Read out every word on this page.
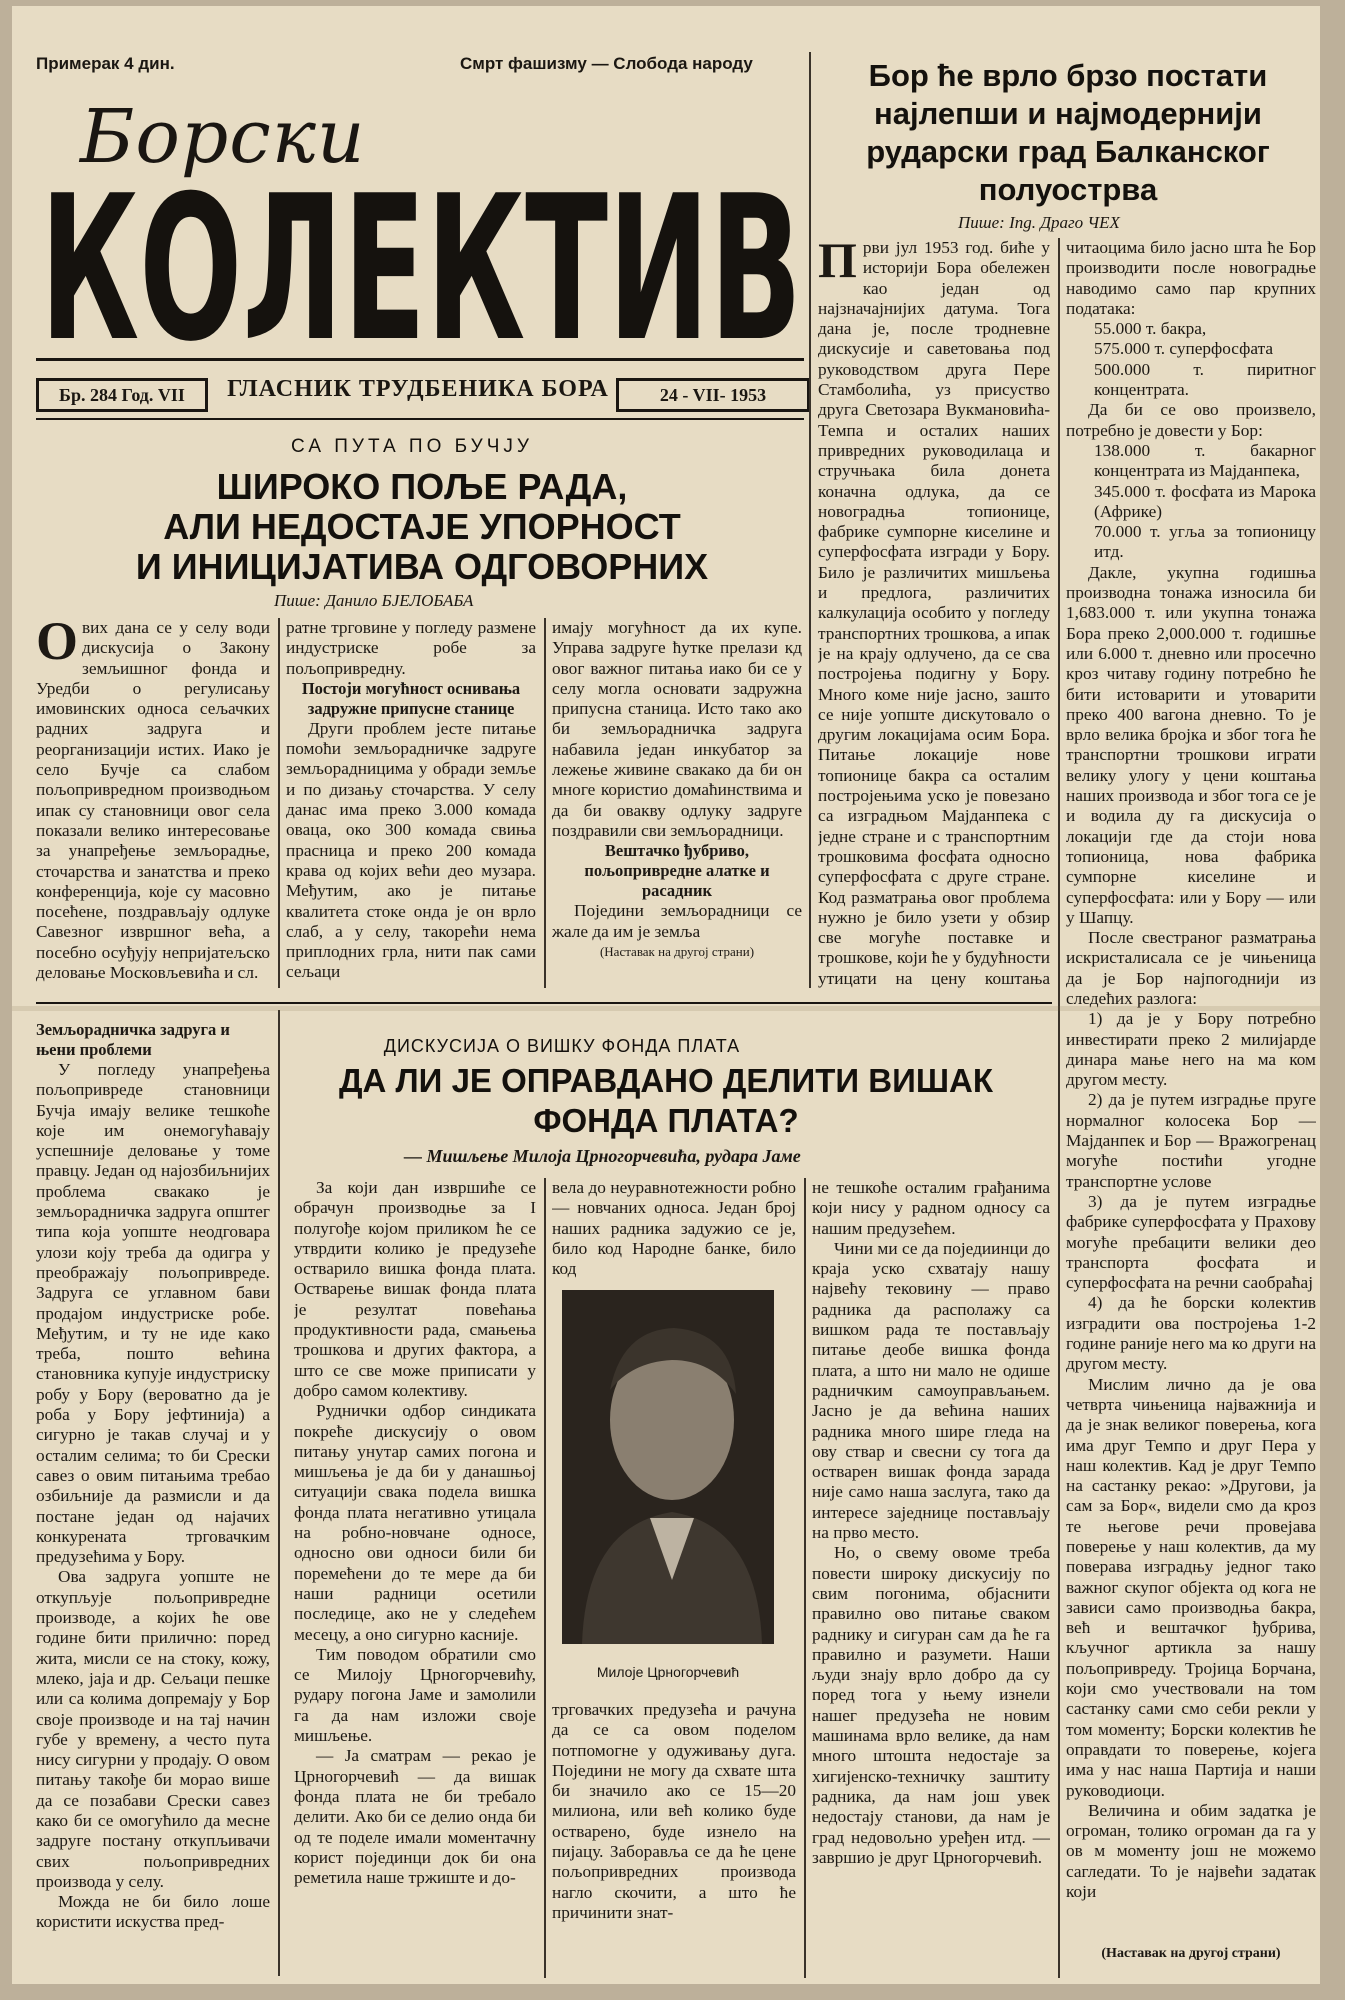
Примерак 4 дин.	Смрт фашизму — Слобода народу
Борски
КОЛЕКТИВ
Бр. 284 Год. VII	ГЛАСНИК ТРУДБЕНИКА БОРА	24 - VII- 1953
СА ПУТА ПО БУЧЈУ
ШИРОКО ПОЉЕ РАДА,
АЛИ НЕДОСТАЈЕ УПОРНОСТ
И ИНИЦИЈАТИВА ОДГОВОРНИХ
Пише: Данило БЈЕЛОБАБА

Ових дана се у селу води дискусија о Закону земљишног фонда и Уредби о регулисању имовинских односа сељачких радних задруга и реорганизацији истих. Иако је село Бучје са слабом пољопривредном производњом ипак су становници овог села показали велико интересовање за унапређење земљорадње, сточарства и занатства и преко конференција, које су масовно посећене, поздрављају одлуке Савезног извршног већа, а посебно осуђују непријатељско деловање Московљевића и сл.

ратне трговине у погледу размене индустриске робе за пољопривредну.

Постоји могућност оснивања задружне припусне станице

Други проблем јесте питање помоћи земљорадничке задруге земљорадницима у обради земље и по дизању сточарства. У селу данас има преко 3.000 комада оваца, око 300 комада свиња прасница и преко 200 комада крава од којих већи део музара. Међутим, ако је питање квалитета стоке онда је он врло слаб, а у селу, такорећи нема приплодних грла, нити пак сами сељаци

имају могућност да их купе. Управа задруге ћутке прелази кд овог важног питања иако би се у селу могла основати задружна припусна станица. Исто тако ако би земљорадничка задруга набавила један инкубатор за лежење живине свакако да би он многе користио домаћинствима и да би овакву одлуку задруге поздравили сви земљорадници.

Вештачко ђубриво, пољопривредне алатке и расадник

Поједини земљорадници се жале да им је земља

(Наставак на другој страни)

Бор ће врло брзо постати
најлепши и најмодернији
рударски град Балканског
полуострва
Пише: Ing. Драго ЧЕХ

Први јул 1953 год. биће у историји Бора обележен као један од најзначајнијих датума. Тога дана је, после тродневне дискусије и саветовања под руководством друга Пере Стамболића, уз присуство друга Светозара Вукмановића-Темпа и осталих наших привредних руководилаца и стручњака била донета коначна одлука, да се новоградња топионице, фабрике сумпорне киселине и суперфосфата изгради у Бору. Било је различитих мишљења и предлога, различитих калкулација особито у погледу транспортних трошкова, а ипак је на крају одлучено, да се сва постројења подигну у Бору. Много коме није јасно, зашто се није уопште дискутовало о другим локацијама осим Бора. Питање локације нове топионице бакра са осталим постројењима уско је повезано са изградњом Мајданпека с једне стране и с транспортним трошковима фосфата односно суперфосфата с друге стране. Код разматрања овог проблема нужно је било узети у обзир све могуће поставке и трошкове, који ће у будућности утицати на цену коштања

читаоцима било јасно шта ће Бор производити после новоградње наводимо само пар крупних података:

55.000 т. бакра,

575.000 т. суперфосфата

500.000 т. пиритног концентрата.

Да би се ово произвело, потребно је довести у Бор:

138.000 т. бакарног концентрата из Мајданпека,

345.000 т. фосфата из Марока (Африке)

70.000 т. угља за топионицу итд.

Дакле, укупна годишња производна тонажа износила би 1,683.000 т. или укупна тонажа Бора преко 2,000.000 т. годишње или 6.000 т. дневно или просечно кроз читаву годину потребно ће бити истоварити и утоварити преко 400 вагона дневно. То је врло велика бројка и због тога ће транспортни трошкови играти велику улогу у цени коштања наших производа и због тога се је и водила ду га дискусија о локацији где да стоји нова топионица, нова фабрика сумпорне киселине и суперфосфата: или у Бору — или у Шапцу.

После свестраног разматрања искристалисала се је чињеница да је Бор најпогоднији из следећих разлога:

1) да је у Бору потребно инвестирати преко 2 милијарде динара мање него на ма ком другом месту.

2) да је путем изградње пруге нормалног колосека Бор — Мајданпек и Бор — Вражогренац могуће постићи угодне транспортне услове

3) да је путем изградње фабрике суперфосфата у Прахову могуће пребацити велики део транспорта фосфата и суперфосфата на речни саобраћај

4) да ће борски колектив изградити ова постројења 1-2 године раније него ма ко други на другом месту.

Мислим лично да је ова четврта чињеница најважнија и да је знак великог поверења, кога има друг Темпо и друг Пера у наш колектив. Кад је друг Темпо на састанку рекао: »Другови, ја сам за Бор«, видели смо да кроз те његове речи провејава поверење у наш колектив, да му поверава изградњу једног тако важног скупог објекта од кога не зависи само производња бакра, већ и вештачког ђубрива, кључног артикла за нашу пољопривреду. Тројица Борчана, који смо учествовали на том састанку сами смо себи рекли у том моменту; Борски колектив ће оправдати то поверење, којега има у нас наша Партија и наши руководиоци.

Величина и обим задатка је огроман, толико огроман да га у ов м моменту још не можемо сагледати. То је највећи задатак који

(Наставак на другој страни)

Земљорадничка задруга и њени проблеми

У погледу унапређења пољопривреде становници Бучја имају велике тешкоће које им онемогућавају успешније деловање у томе правцу. Један од најозбиљнијих проблема свакако је земљорадничка задруга општег типа која уопште неодговара улози коју треба да одигра у преображају пољопривреде. Задруга се углавном бави продајом индустриске робе. Међутим, и ту не иде како треба, пошто већина становника купује индустриску робу у Бору (вероватно да је роба у Бору јефтинија) а сигурно је такав случај и у осталим селима; то би Срески савез о овим питањима требао озбиљније да размисли и да постане један од најачих конкурената трговачким предузећима у Бору.

Ова задруга уопште не откупљује пољопривредне производе, а којих ће ове године бити прилично: поред жита, мисли се на стоку, кожу, млеко, јаја и др. Сељаци пешке или са колима допремају у Бор своје производе и на тај начин губе у времену, а често пута нису сигурни у продају. О овом питању такође би морао више да се позабави Срески савез како би се омогућило да месне задруге постану откупљивачи свих пољопривредних производа у селу.

Можда не би било лоше користити искуства пред-

ДИСКУСИЈА О ВИШКУ ФОНДА ПЛАТА
ДА ЛИ ЈЕ ОПРАВДАНО ДЕЛИТИ ВИШАК
ФОНДА ПЛАТА?
— Мишљење Милоја Црногорчевића, рудара Јаме

За који дан извршиће се обрачун производње за I полугође којом приликом ће се утврдити колико је предузеће остварило вишка фонда плата. Остварење вишак фонда плата је резултат повећања продуктивности рада, смањења трошкова и других фактора, а што се све може приписати у добро самом колективу.

Руднички одбор синдиката покреће дискусију о овом питању унутар самих погона и мишљења је да би у данашњој ситуацији свака подела вишка фонда плата негативно утицала на робно-новчане односе, односно ови односи били би поремећени до те мере да би наши радници осетили последице, ако не у следећем месецу, а оно сигурно касније.

Тим поводом обратили смо се Милоју Црногорчевићу, рудару погона Јаме и замолили га да нам изложи своје мишљење.

— Ја сматрам — рекао је Црногорчевић — да вишак фонда плата не би требало делити. Ако би се делио онда би од те поделе имали моментачну корист појединци док би она реметила наше тржиште и до-

вела до неуравнотежности робно — новчаних односа. Један број наших радника задужио се је, било код Народне банке, било код

Милоје Црногорчевић

трговачких предузећа и рачуна да се са овом поделом потпомогне у одуживању дуга. Поједини не могу да схвате шта би значило ако се 15—20 милиона, или већ колико буде остварено, буде изнело на пијацу. Заборавља се да ће цене пољопривредних производа нагло скочити, а што ће причинити знат-

не тешкоће осталим грађанима који нису у радном односу са нашим предузећем.

Чини ми се да поједиинци до краја уско схватају нашу највећу тековину — право радника да располажу са вишком рада те постављају питање деобе вишка фонда плата, а што ни мало не одише радничким самоуправљањем. Јасно је да већина наших радника много шире гледа на ову ствар и свесни су тога да остварен вишак фонда зарада није само наша заслуга, тако да интересе заједнице постављају на прво место.

Но, о свему овоме треба повести широку дискусију по свим погонима, објаснити правилно ово питање сваком раднику и сигуран сам да ће га правилно и разумети. Наши људи знају врло добро да су поред тога у њему изнели нашег предузећа не новим машинама врло велике, да нам много штошта недостаје за хигијенско-техничку заштиту радника, да нам још увек недостају станови, да нам је град недовољно уређен итд. — завршио је друг Црногорчевић.
